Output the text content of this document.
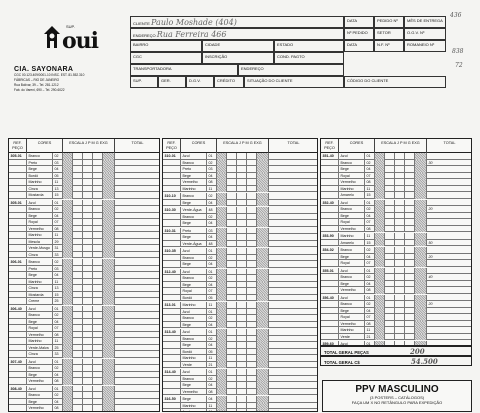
SUP.
oui
CIA. SAYONARA
CGC 00.123.409/0001-10 INSC. EST. 81.552.310
FÁBRICAS – RIO DE JANEIRO
Rua Bolívar, 39 – Tel. 281-1212
Fab. do Vareni, 690 – Tel. 290-6022
CLIENTE Paulo Moshade (404)	DATA	PEDIDO Nº	MÊS DE ENTREGA
ENDEREÇO Rua Ferreira 466	Nº PEDIDO	SETOR	O.G.V. Nº
BAIRRO	CIDADE	ESTADO	DATA	N.F. Nº	ROMANEIO Nº
CGC	INSCRIÇÃO	COND. PAGTO
TRANSPORTADORA	ENDEREÇO
SUP.	GER.	D.G.V.	CRÉDITO	SITUAÇÃO DO CLIENTE	CÓDIGO DO CLIENTE
436
838
72
REF. PEÇO
CORES	ESCALA J P M G EXG	TOTAL
305-01	Branco	02
Preto	03
Bege	04
Bordô	05
Marinho	11
Cinza	13
Mostarda	15
305-01	Azul	01
Branco	02
Bege	04
Royal	07
Vermelho	08
Marinho	11
Mescla	29
Verde-Musgo	31
Cinza	33
306-01	Branco	02
Preto	03
Bege	04
Marinho	11
Cinza	13
Mostarda	15
Creme	25
306-40	Azul	01
Branco	02
Bege	04
Royal	07
Vermelho	08
Marinho	11
Verde-Malva	25
Cinza	33
307-40	Azul	01
Branco	02
Bege	04
Vermelho	08
308-40	Azul	01
Branco	02
Bege	04
Vermelho	08
REF. PEÇO
CORES	ESCALA J P M G EXG	TOTAL
310-01	Azul	01
Branco	02
Preto	03
Bege	04
Vermelho	08
Marinho	11
310-10	Branco	02
Bege	04
310-30	Verde-Água	48
Branco	02
Bege	04
310-31	Preto	03
Bege	04
Verde-Água	48
310-35	Azul	01
Branco	02
Bege	04
312-40	Azul	01
Branco	02
Bege	04
Royal	07
Bordô	05
313-01	Marinho	11
Azul	01
Branco	02
Bege	04
313-40	Azul	01
Branco	02
Bege	04
Bordô	05
Marinho	11
Verde	21
314-40	Azul	01
Branco	02
Bege	04
Vermelho	08
316-50	Bege	04
Marinho	11
Azul	01
REF. PEÇO
CORES	ESCALA J P M G EXG	TOTAL
351-40	Azul	01
Branco	02	30
Bege	04
Royal	07
Vermelho	08
Marinho	11
Amarelo	15
352-40	Azul	01
Branco	02	20
Bege	04
Royal	07
Vermelho	08
353-90	Marinho	11
Amarelo	15	50
354-02	Branco	02
Bege	04	20
Royal	07
355-01	Azul	01
Branco	02	40
Bege	04
Vermelho	08
356-40	Azul	01
Branco	02	20
Bege	04
Royal	07
Vermelho	08
Marinho	11
Verde	21
359-60	Azul	01
TOTAL GERAL PEÇAS	200
TOTAL GERAL C$	54.500
PPV MASCULINO
(3 POSTERS – CATÁLOGOS)
FAÇA UM X NO RETÂNGULO PARA EXPEDIÇÃO
